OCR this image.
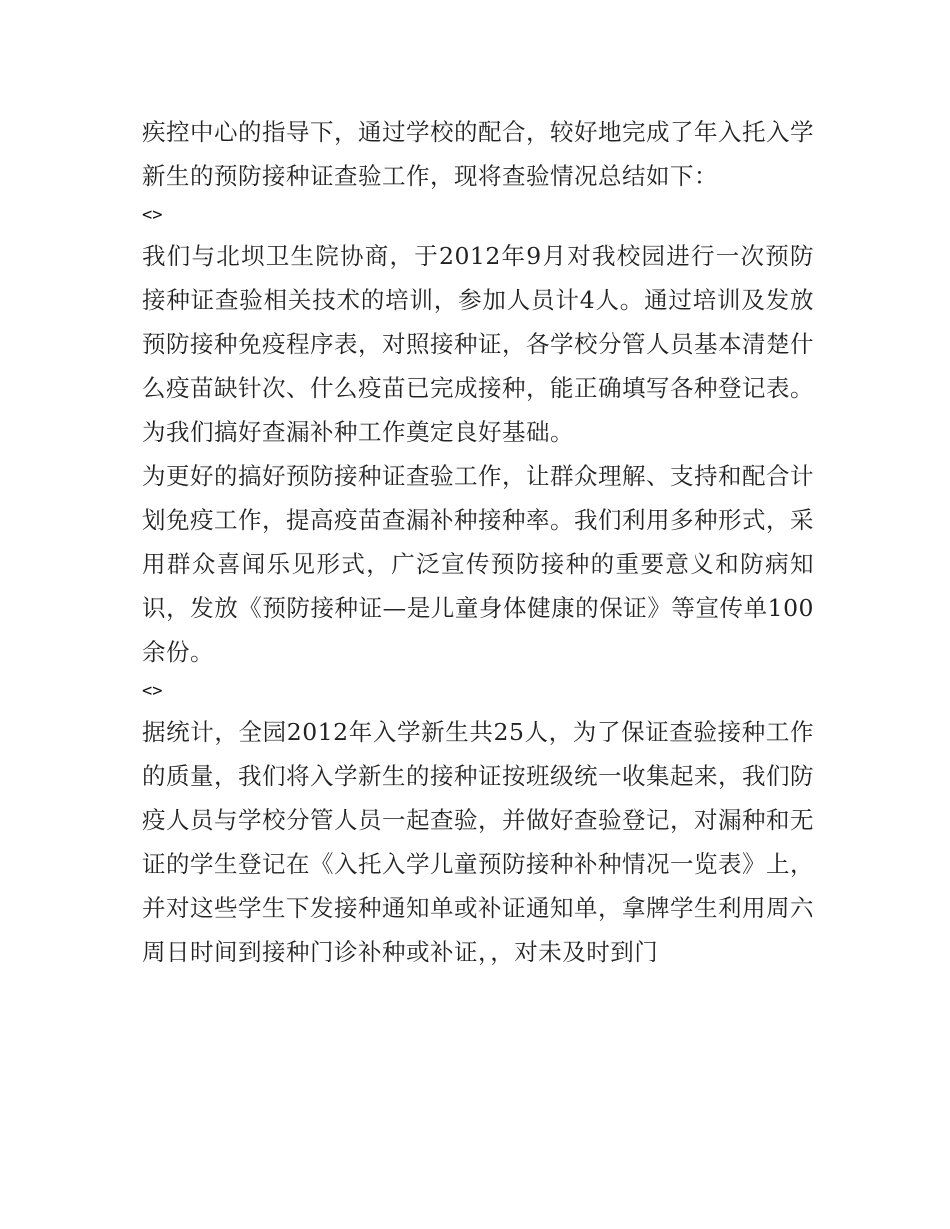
疾控中心的指导下，通过学校的配合，较好地完成了年入托入学新生的预防接种证查验工作，现将查验情况总结如下：

<>

我们与北坝卫生院协商，于2012年9月对我校园进行一次预防接种证查验相关技术的培训，参加人员计4人。通过培训及发放预防接种免疫程序表，对照接种证，各学校分管人员基本清楚什么疫苗缺针次、什么疫苗已完成接种，能正确填写各种登记表。为我们搞好查漏补种工作奠定良好基础。

为更好的搞好预防接种证查验工作，让群众理解、支持和配合计划免疫工作，提高疫苗查漏补种接种率。我们利用多种形式，采用群众喜闻乐见形式，广泛宣传预防接种的重要意义和防病知识，发放《预防接种证—是儿童身体健康的保证》等宣传单100余份。

<>

据统计，全园2012年入学新生共25人，为了保证查验接种工作的质量，我们将入学新生的接种证按班级统一收集起来，我们防疫人员与学校分管人员一起查验，并做好查验登记，对漏种和无证的学生登记在《入托入学儿童预防接种补种情况一览表》上，并对这些学生下发接种通知单或补证通知单，拿牌学生利用周六周日时间到接种门诊补种或补证，，对未及时到门
